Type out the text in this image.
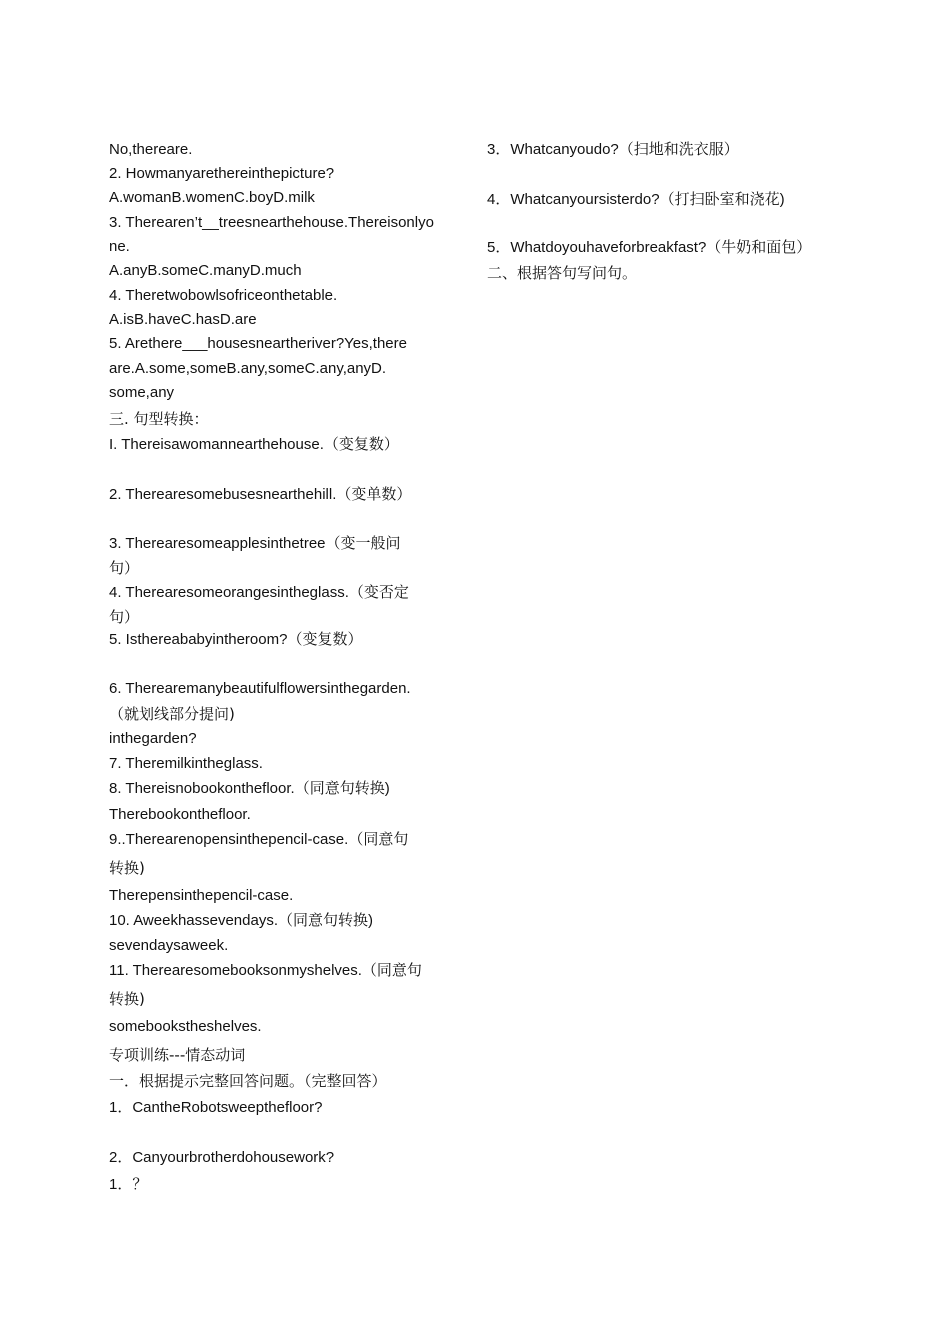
No,thereare.
2. Howmanyarethereinthepicture?
A.womanB.womenC.boyD.milk
3. Therearen’t__treesnearthehouse.Thereisonlyo
ne.
A.anyB.someC.manyD.much
4. Theretwobowlsofriceonthetable.
A.isB.haveC.hasD.are
5. Arethere___housesneartheriver?Yes,there
are.A.some,someB.any,someC.any,anyD.
some,any
三. 句型转换：
I. Thereisawomannearthehouse.（变复数）
2. Therearesomebusesnearthehill.（变单数）
3. Therearesomeapplesinthetree（变一般问
句）
4. Therearesomeorangesintheglass.（变否定
句）
5. Isthereababyintheroom?（变复数）
6. Therearemanybeautifulflowersinthegarden.
（就划线部分提问)
inthegarden?
7. Theremilkintheglass.
8. Thereisnobookonthefloor.（同意句转换)
Therebookonthefloor.
9..Therearenopensinthepencil-case.（同意句
转换)
Therepensinthepencil-case.
10. Aweekhassevendays.（同意句转换)
sevendaysaweek.
11. Therearesomebooksonmyshelves.（同意句
转换)
somebookstheshelves.
专项训练---情态动词
一．根据提示完整回答问题。（完整回答）
1．CantheRobotsweepthefloor?
2．Canyourbrotherdohousework?
1．？
3．Whatcanyoudo?（扫地和洗衣服）
4．Whatcanyoursisterdo?（打扫卧室和浇花)
5．Whatdoyouhaveforbreakfast?（牛奶和面包）
二、根据答句写问句。
